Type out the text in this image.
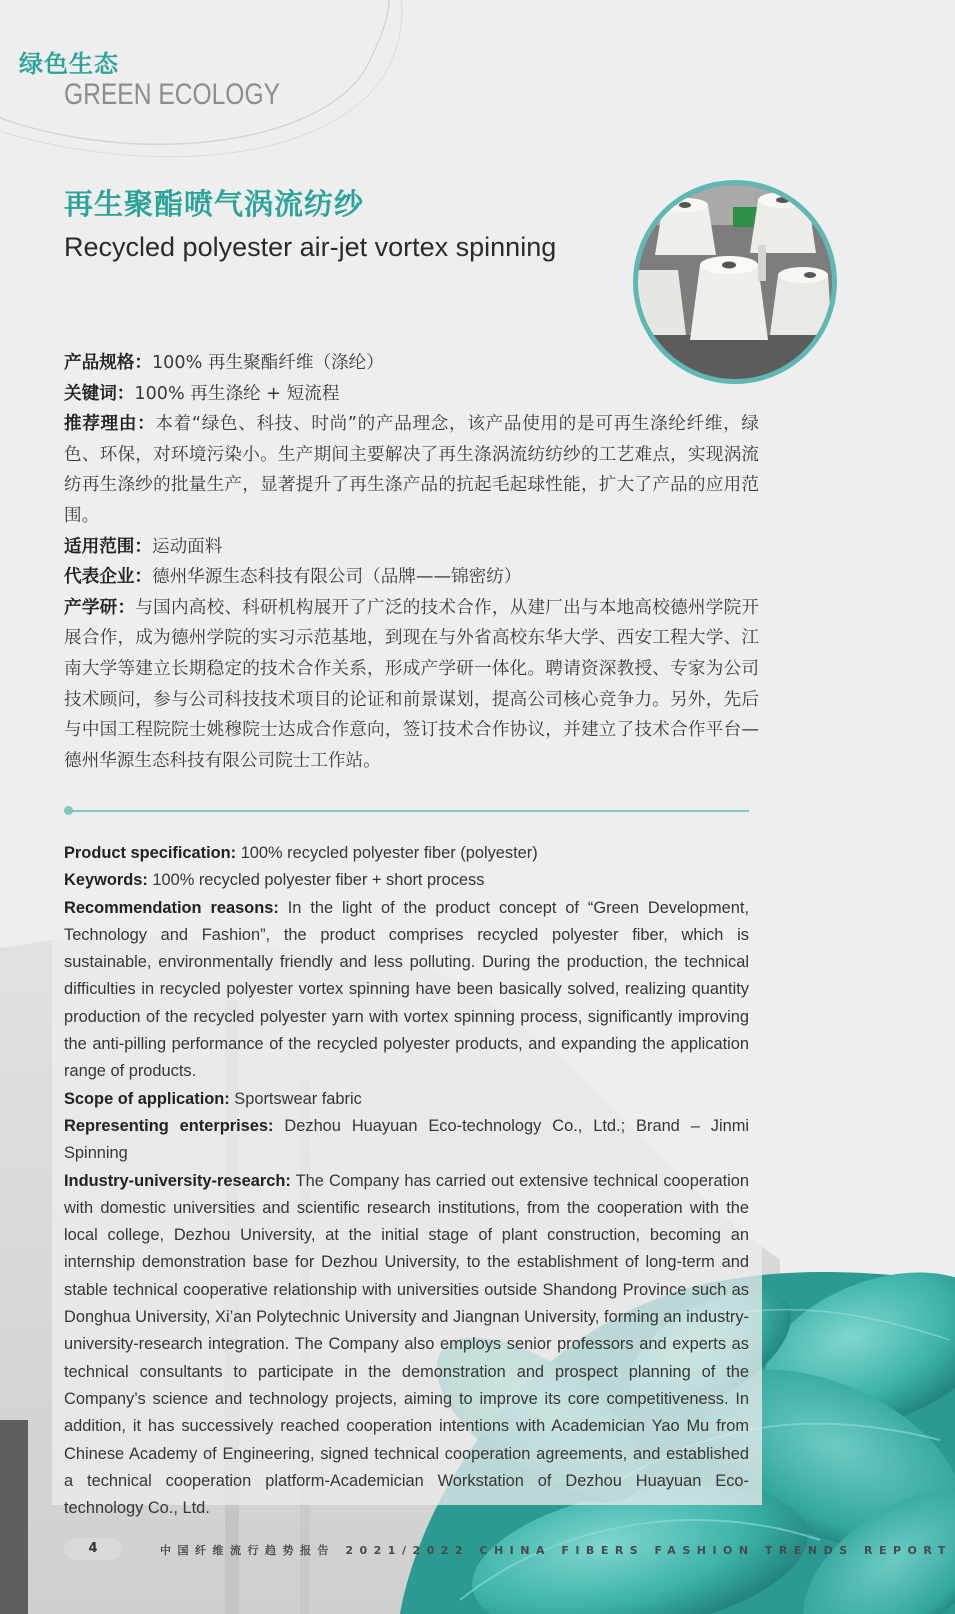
绿色生态
GREEN ECOLOGY
再生聚酯喷气涡流纺纱
Recycled polyester air-jet vortex spinning

产品规格：100% 再生聚酯纤维（涤纶）

关键词：100% 再生涤纶 + 短流程

推荐理由：本着“绿色、科技、时尚”的产品理念，该产品使用的是可再生涤纶纤维，绿色、环保，对环境污染小。生产期间主要解决了再生涤涡流纺纺纱的工艺难点，实现涡流纺再生涤纱的批量生产，显著提升了再生涤产品的抗起毛起球性能，扩大了产品的应用范围。

适用范围：运动面料

代表企业：德州华源生态科技有限公司（品牌——锦密纺）

产学研：与国内高校、科研机构展开了广泛的技术合作，从建厂出与本地高校德州学院开展合作，成为德州学院的实习示范基地，到现在与外省高校东华大学、西安工程大学、江南大学等建立长期稳定的技术合作关系，形成产学研一体化。聘请资深教授、专家为公司技术顾问，参与公司科技技术项目的论证和前景谋划，提高公司核心竞争力。另外，先后与中国工程院院士姚穆院士达成合作意向，签订技术合作协议，并建立了技术合作平台—德州华源生态科技有限公司院士工作站。

Product specification: 100% recycled polyester fiber (polyester)

Keywords: 100% recycled polyester fiber + short process

Recommendation reasons: In the light of the product concept of “Green Development, Technology and Fashion”, the product comprises recycled polyester fiber, which is sustainable, environmentally friendly and less polluting. During the production, the technical difficulties in recycled polyester vortex spinning have been basically solved, realizing quantity production of the recycled polyester yarn with vortex spinning process, significantly improving the anti-pilling performance of the recycled polyester products, and expanding the application range of products.

Scope of application: Sportswear fabric

Representing enterprises: Dezhou Huayuan Eco-technology Co., Ltd.; Brand – Jinmi Spinning

Industry-university-research: The Company has carried out extensive technical cooperation with domestic universities and scientific research institutions, from the cooperation with the local college, Dezhou University, at the initial stage of plant construction, becoming an internship demonstration base for Dezhou University, to the establishment of long-term and stable technical cooperative relationship with universities outside Shandong Province such as Donghua University, Xi’an Polytechnic University and Jiangnan University, forming an industry-university-research integration. The Company also employs senior professors and experts as technical consultants to participate in the demonstration and prospect planning of the Company’s science and technology projects, aiming to improve its core competitiveness. In addition, it has successively reached cooperation intentions with Academician Yao Mu from Chinese Academy of Engineering, signed technical cooperation agreements, and established a technical cooperation platform-Academician Workstation of Dezhou Huayuan Eco-technology Co., Ltd.

4	中国纤维流行趋势报告 2021/2022 CHINA FIBERS FASHION TRENDS REPORT
